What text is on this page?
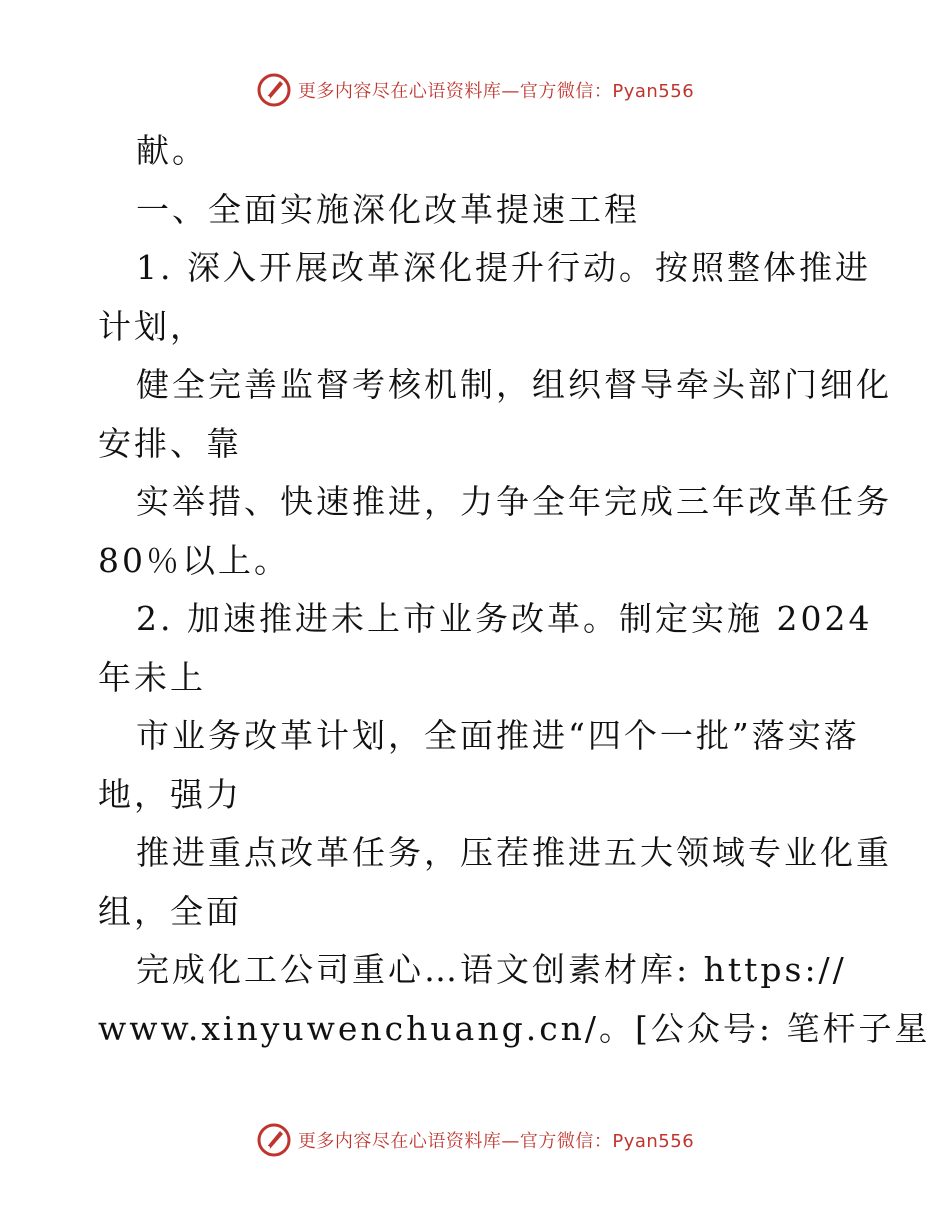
更多内容尽在心语资料库—官方微信：Pyan556
献。
一、全面实施深化改革提速工程
1. 深入开展改革深化提升行动。按照整体推进
计划，
健全完善监督考核机制，组织督导牵头部门细化
安排、靠
实举措、快速推进，力争全年完成三年改革任务
80％以上。
2. 加速推进未上市业务改革。制定实施 2024
年未上
市业务改革计划，全面推进“四个一批”落实落
地，强力
推进重点改革任务，压茬推进五大领域专业化重
组，全面
完成化工公司重心…语文创素材库: https://
www.xinyuwenchuang.cn/。[公众号: 笔杆子星
更多内容尽在心语资料库—官方微信：Pyan556
